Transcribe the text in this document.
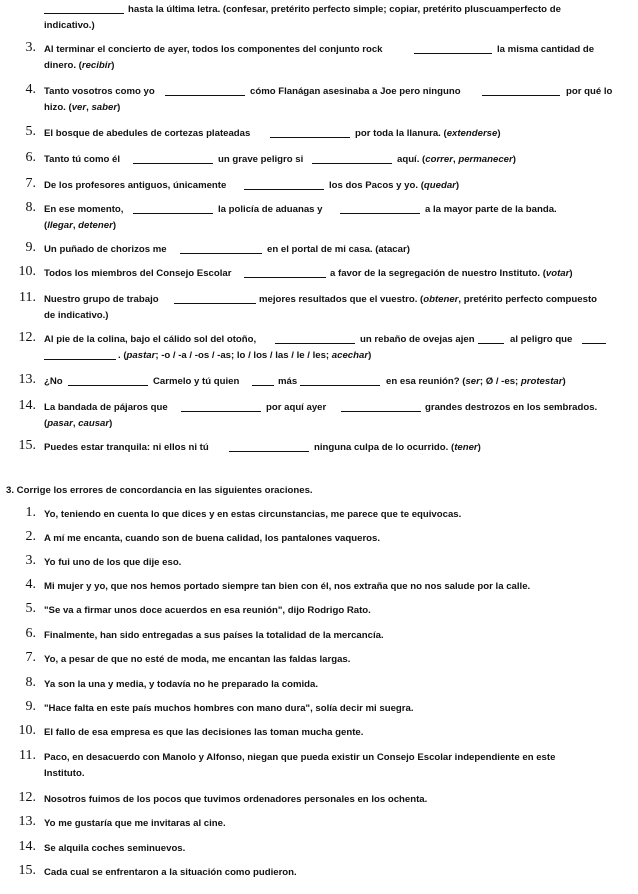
hasta la última letra. (confesar, pretérito perfecto simple; copiar, pretérito pluscuamperfecto de
indicativo.)
3. Al terminar el concierto de ayer, todos los componentes del conjunto rock	la misma cantidad de
dinero. (recibir)
4. Tanto vosotros como yo	cómo Flanágan asesinaba a Joe pero ninguno	por qué lo
hizo. (ver, saber)
5. El bosque de abedules de cortezas plateadas	por toda la llanura. (extenderse)
6. Tanto tú como él	un grave peligro si	aquí. (correr, permanecer)
7. De los profesores antiguos, únicamente	los dos Pacos y yo. (quedar)
8. En ese momento,	la policía de aduanas y	a la mayor parte de la banda.
(llegar, detener)
9. Un puñado de chorizos me	en el portal de mi casa. (atacar)
10. Todos los miembros del Consejo Escolar	a favor de la segregación de nuestro Instituto. (votar)
11. Nuestro grupo de trabajo	mejores resultados que el vuestro. (obtener, pretérito perfecto compuesto
de indicativo.)
12. Al pie de la colina, bajo el cálido sol del otoño,	un rebaño de ovejas ajen	al peligro que
. (pastar; -o / -a / -os / -as; lo / los / las / le / les; acechar)
13. ¿No	Carmelo y tú quien	más	en esa reunión? (ser; Ø / -es; protestar)
14. La bandada de pájaros que	por aquí ayer	grandes destrozos en los sembrados.
(pasar, causar)
15. Puedes estar tranquila: ni ellos ni tú	ninguna culpa de lo ocurrido. (tener)
3. Corrige los errores de concordancia en las siguientes oraciones.
1. Yo, teniendo en cuenta lo que dices y en estas circunstancias, me parece que te equivocas.
2. A mí me encanta, cuando son de buena calidad, los pantalones vaqueros.
3. Yo fui uno de los que dije eso.
4. Mi mujer y yo, que nos hemos portado siempre tan bien con él, nos extraña que no nos salude por la calle.
5. "Se va a firmar unos doce acuerdos en esa reunión", dijo Rodrigo Rato.
6. Finalmente, han sido entregadas a sus países la totalidad de la mercancía.
7. Yo, a pesar de que no esté de moda, me encantan las faldas largas.
8. Ya son la una y media, y todavía no he preparado la comida.
9. "Hace falta en este país muchos hombres con mano dura", solía decir mi suegra.
10. El fallo de esa empresa es que las decisiones las toman mucha gente.
11. Paco, en desacuerdo con Manolo y Alfonso, niegan que pueda existir un Consejo Escolar independiente en este
Instituto.
12. Nosotros fuimos de los pocos que tuvimos ordenadores personales en los ochenta.
13. Yo me gustaría que me invitaras al cine.
14. Se alquila coches seminuevos.
15. Cada cual se enfrentaron a la situación como pudieron.
